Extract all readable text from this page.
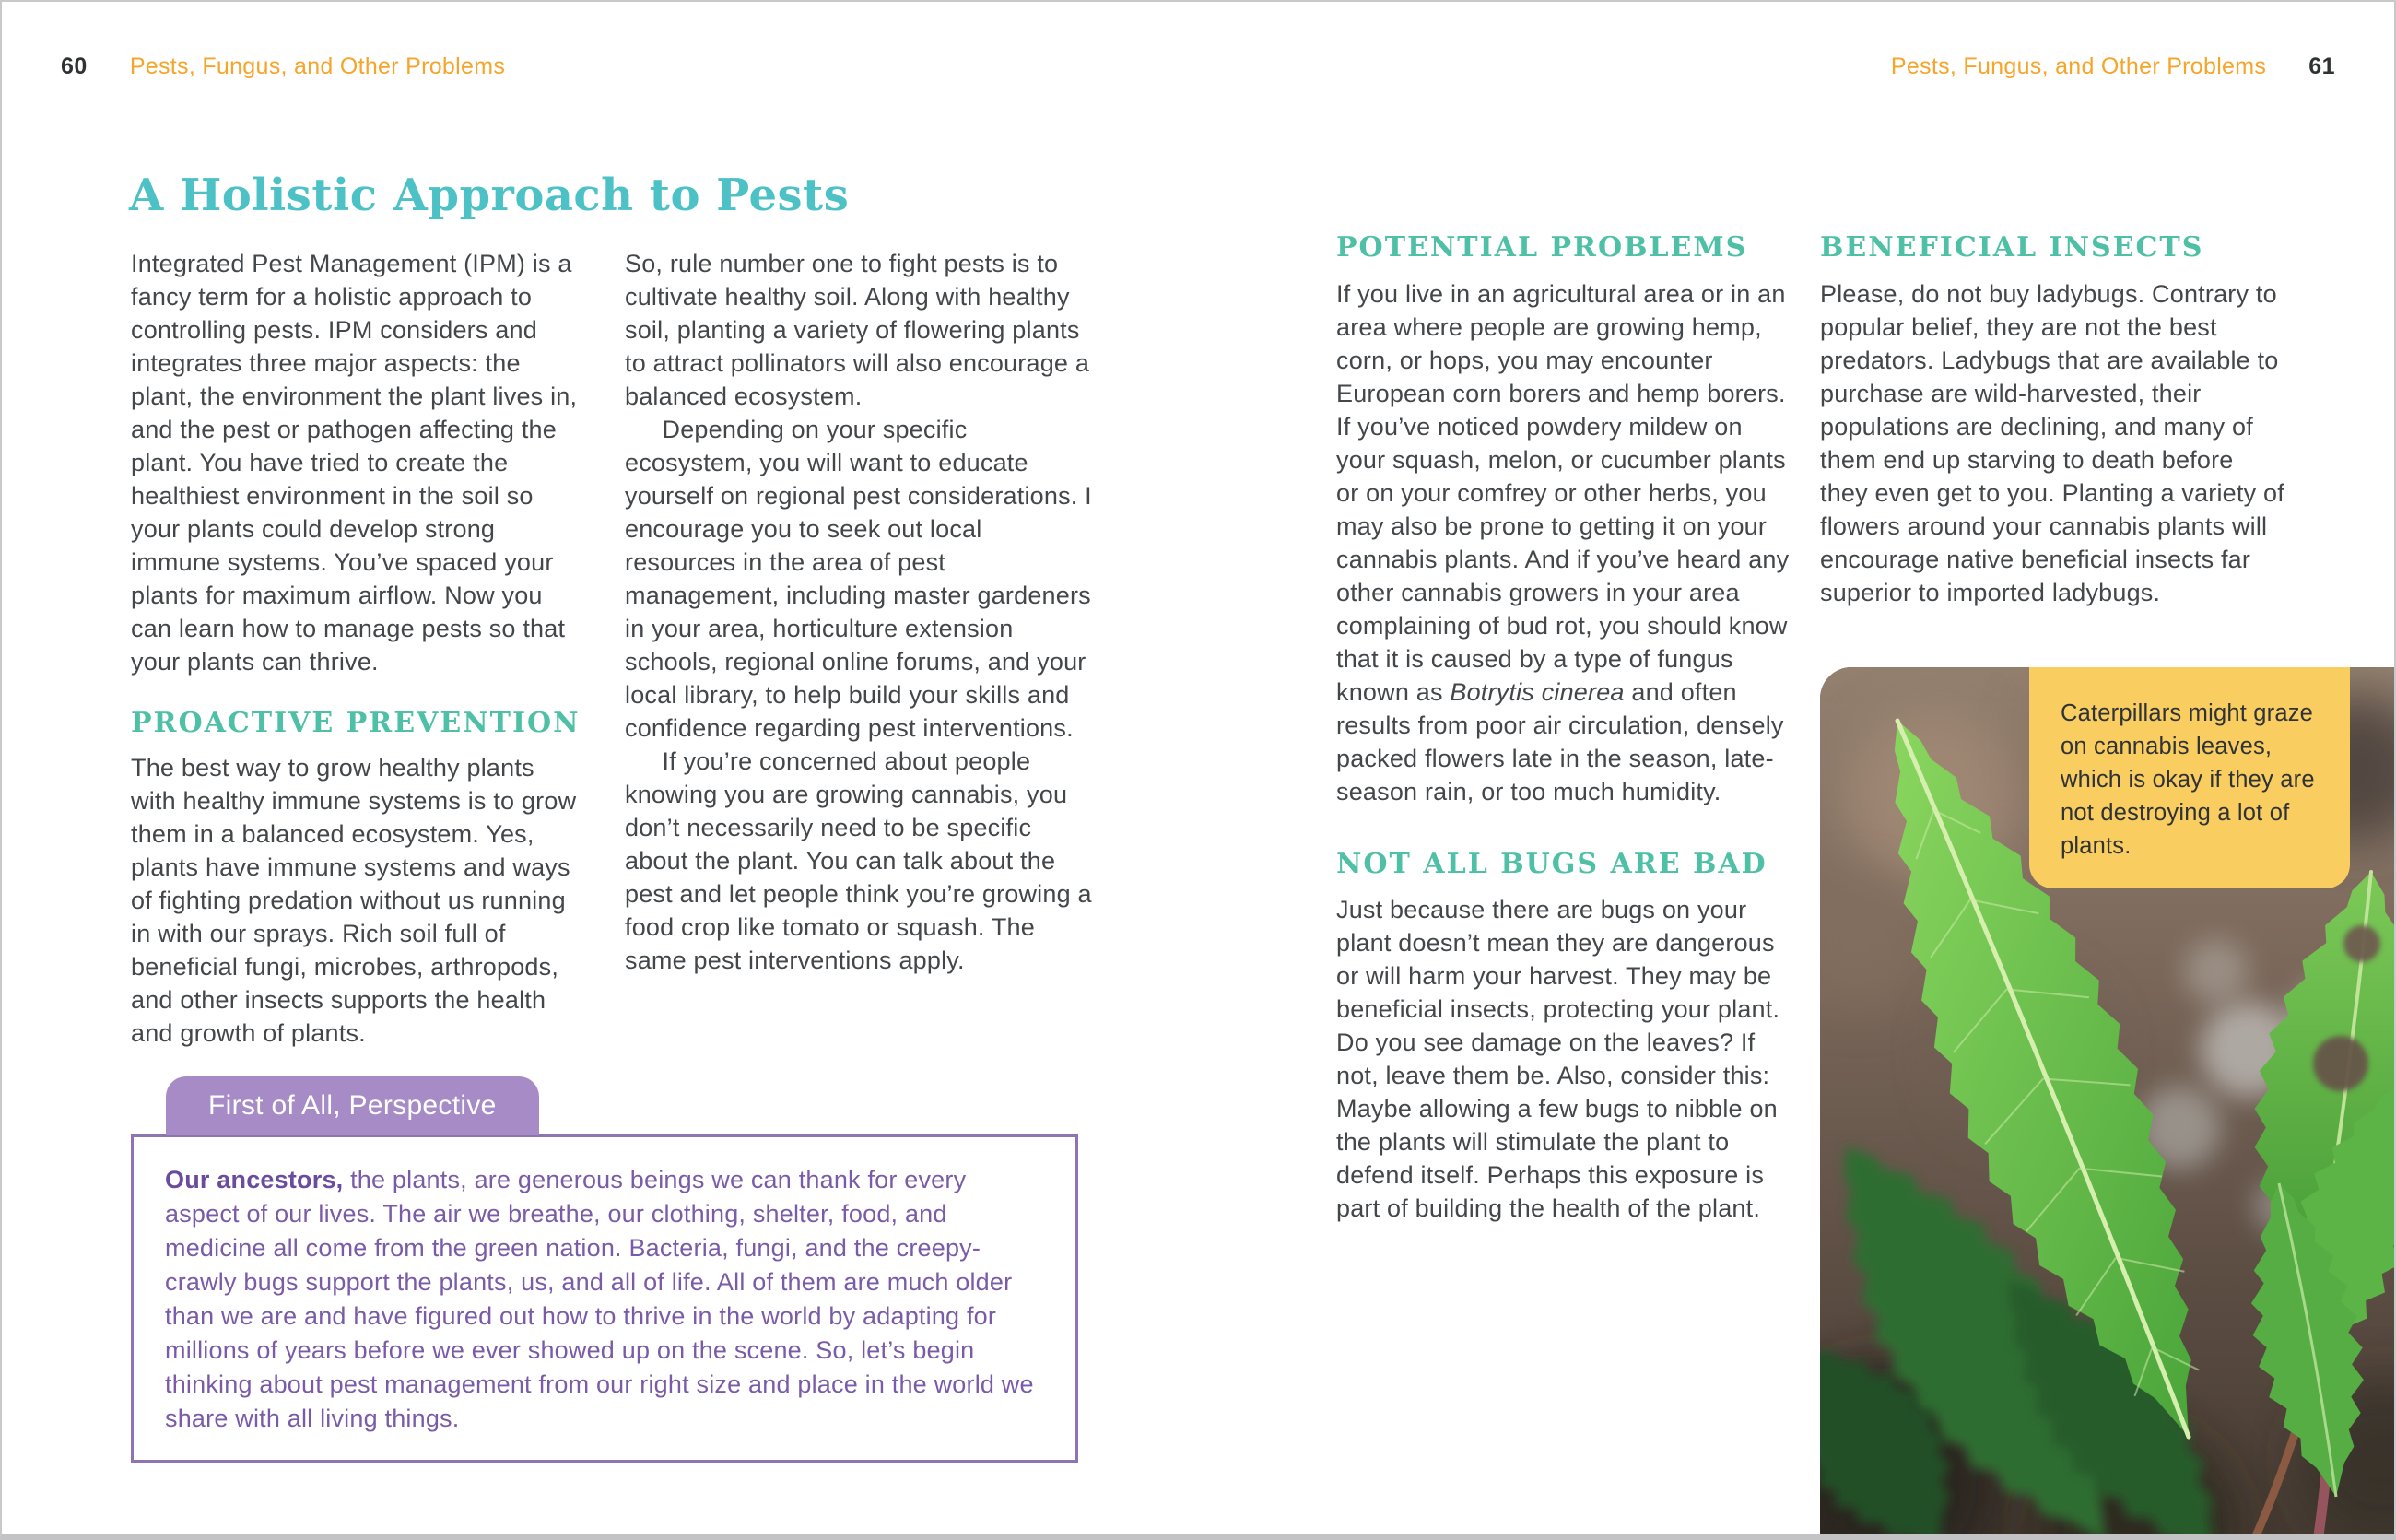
60 Pests, Fungus, and Other Problems	Pests, Fungus, and Other Problems 61
A Holistic Approach to Pests

Integrated Pest Management (IPM) is a fancy term for a holistic approach to controlling pests. IPM considers and integrates three major aspects: the plant, the environment the plant lives in, and the pest or pathogen affecting the plant. You have tried to create the healthiest environment in the soil so your plants could develop strong immune systems. You’ve spaced your plants for maximum airflow. Now you can learn how to manage pests so that your plants can thrive.

PROACTIVE PREVENTION

The best way to grow healthy plants with healthy immune systems is to grow them in a balanced ecosystem. Yes, plants have immune systems and ways of fighting predation without us running in with our sprays. Rich soil full of beneficial fungi, microbes, arthropods, and other insects supports the health and growth of plants.

So, rule number one to fight pests is to cultivate healthy soil. Along with healthy soil, planting a variety of flowering plants to attract pollinators will also encourage a balanced ecosystem.

Depending on your specific ecosystem, you will want to educate yourself on regional pest considerations. I encourage you to seek out local resources in the area of pest management, including master gardeners in your area, horticulture extension schools, regional online forums, and your local library, to help build your skills and confidence regarding pest interventions.

If you’re concerned about people knowing you are growing cannabis, you don’t necessarily need to be specific about the plant. You can talk about the pest and let people think you’re growing a food crop like tomato or squash. The same pest interventions apply.

First of All, Perspective

Our ancestors, the plants, are generous beings we can thank for every aspect of our lives. The air we breathe, our clothing, shelter, food, and medicine all come from the green nation. Bacteria, fungi, and the creepy-crawly bugs support the plants, us, and all of life. All of them are much older than we are and have figured out how to thrive in the world by adapting for millions of years before we ever showed up on the scene. So, let’s begin thinking about pest management from our right size and place in the world we share with all living things.

POTENTIAL PROBLEMS

If you live in an agricultural area or in an area where people are growing hemp, corn, or hops, you may encounter European corn borers and hemp borers. If you’ve noticed powdery mildew on your squash, melon, or cucumber plants or on your comfrey or other herbs, you may also be prone to getting it on your cannabis plants. And if you’ve heard any other cannabis growers in your area complaining of bud rot, you should know that it is caused by a type of fungus known as Botrytis cinerea and often results from poor air circulation, densely packed flowers late in the season, late-season rain, or too much humidity.

NOT ALL BUGS ARE BAD

Just because there are bugs on your plant doesn’t mean they are dangerous or will harm your harvest. They may be beneficial insects, protecting your plant. Do you see damage on the leaves? If not, leave them be. Also, consider this: Maybe allowing a few bugs to nibble on the plants will stimulate the plant to defend itself. Perhaps this exposure is part of building the health of the plant.

BENEFICIAL INSECTS

Please, do not buy ladybugs. Contrary to popular belief, they are not the best predators. Ladybugs that are available to purchase are wild-harvested, their populations are declining, and many of them end up starving to death before they even get to you. Planting a variety of flowers around your cannabis plants will encourage native beneficial insects far superior to imported ladybugs.

Caterpillars might graze on cannabis leaves, which is okay if they are not destroying a lot of plants.
